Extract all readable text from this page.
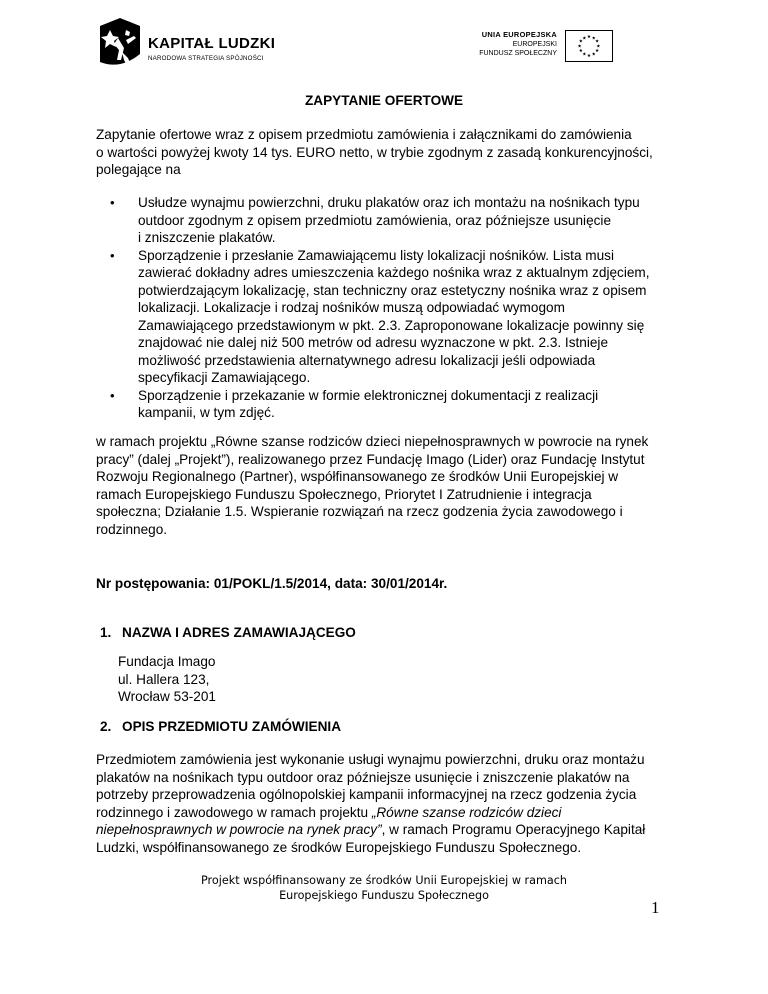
KAPITAŁ LUDZKI
NARODOWA STRATEGIA SPÓJNOŚCI
UNIA EUROPEJSKA
EUROPEJSKI
FUNDUSZ SPOŁECZNY
★
★
★
★
★
★
★
★
★ ★ ★
★
ZAPYTANIE OFERTOWE

Zapytanie ofertowe wraz z opisem przedmiotu zamówienia i załącznikami do zamówienia
o wartości powyżej kwoty 14 tys. EURO netto, w trybie zgodnym z zasadą konkurencyjności,
polegające na

• Usłudze wynajmu powierzchni, druku plakatów oraz ich montażu na nośnikach typu
outdoor zgodnym z opisem przedmiotu zamówienia, oraz późniejsze usunięcie
i zniszczenie plakatów.
• Sporządzenie i przesłanie Zamawiającemu listy lokalizacji nośników. Lista musi
zawierać dokładny adres umieszczenia każdego nośnika wraz z aktualnym zdjęciem,
potwierdzającym lokalizację, stan techniczny oraz estetyczny nośnika wraz z opisem
lokalizacji. Lokalizacje i rodzaj nośników muszą odpowiadać wymogom
Zamawiającego przedstawionym w pkt. 2.3. Zaproponowane lokalizacje powinny się
znajdować nie dalej niż 500 metrów od adresu wyznaczone w pkt. 2.3. Istnieje
możliwość przedstawienia alternatywnego adresu lokalizacji jeśli odpowiada
specyfikacji Zamawiającego.
• Sporządzenie i przekazanie w formie elektronicznej dokumentacji z realizacji
kampanii, w tym zdjęć.

w ramach projektu „Równe szanse rodziców dzieci niepełnosprawnych w powrocie na rynek
pracy” (dalej „Projekt”), realizowanego przez Fundację Imago (Lider) oraz Fundację Instytut
Rozwoju Regionalnego (Partner), współfinansowanego ze środków Unii Europejskiej w
ramach Europejskiego Funduszu Społecznego, Priorytet I Zatrudnienie i integracja
społeczna; Działanie 1.5. Wspieranie rozwiązań na rzecz godzenia życia zawodowego i
rodzinnego.

Nr postępowania: 01/POKL/1.5/2014, data: 30/01/2014r.

1. NAZWA I ADRES ZAMAWIAJĄCEGO

Fundacja Imago
ul. Hallera 123,
Wrocław 53-201

2. OPIS PRZEDMIOTU ZAMÓWIENIA

Przedmiotem zamówienia jest wykonanie usługi wynajmu powierzchni, druku oraz montażu
plakatów na nośnikach typu outdoor oraz późniejsze usunięcie i zniszczenie plakatów na
potrzeby przeprowadzenia ogólnopolskiej kampanii informacyjnej na rzecz godzenia życia
rodzinnego i zawodowego w ramach projektu „Równe szanse rodziców dzieci
niepełnosprawnych w powrocie na rynek pracy”, w ramach Programu Operacyjnego Kapitał
Ludzki, współfinansowanego ze środków Europejskiego Funduszu Społecznego.

Projekt współfinansowany ze środków Unii Europejskiej w ramach
Europejskiego Funduszu Społecznego
1
